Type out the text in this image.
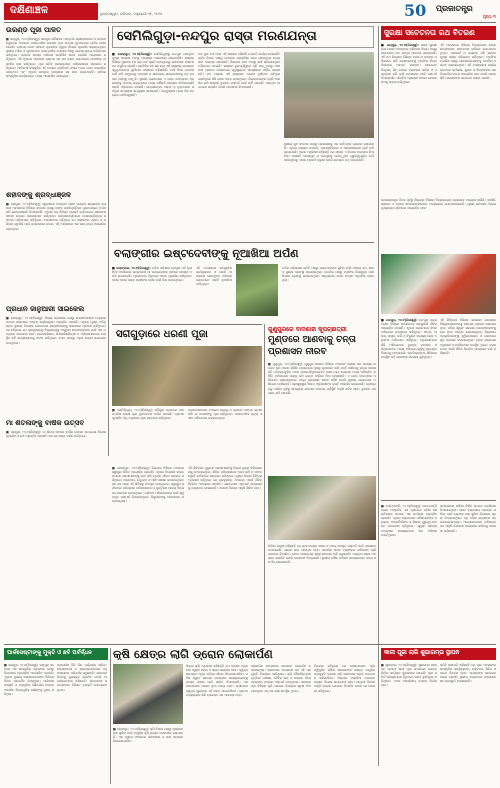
ଦକ୍ଷିଣାଞ୍ଚଳ	ଭୁବନେଶ୍ୱର, ରବିବାର, ଜାନୁୟାରୀ ୨୫, ୨୦୨୫	50	ପ୍ରଜାତନ୍ତ୍ର
ପୃଷ୍ଠା ୩
ଉରଣ୍ଡ ପୂଜା ପାଳିତ
■ ଜୟପୁର, ୨୪।୧(ନିଜସ୍ୱ): ଜୟପୁର ପୌରାଞ୍ଚଳ ଅନ୍ତର୍ଗତ ଶ୍ରୀରାମନଗର ଓ ଗୋପବନ୍ଧୁନଗର ଅଞ୍ଚଳରେ ପାରମ୍ପରିକ ଉରଣ୍ଡ ପୂଜା ଉତ୍ସବ ଧୁମଧାମରେ ପାଳିତ ହୋଇଯାଇଛି। ଗ୍ରାମର ଦେବୀ ପୀଠରେ ପୂଜକଙ୍କ ଦ୍ୱାରା ବିଶେଷ ପୂଜାର୍ଚ୍ଚନା କରାଯାଇଥିଲା। ସ୍ଥାନୀୟ ମହିଳା ଓ ଯୁବକମାନେ ପାରମ୍ପରିକ ପୋଷାକ ପିନ୍ଧି ଢେମସା ନୃତ୍ୟ ପରିବେଷଣ କରିଥିଲେ। ଗ୍ରାମର ସମସ୍ତ ପରିବାର ସମ୍ମିଳିତ ଭାବେ ଭୋଜିର ଆୟୋଜନ କରିଥିଲେ। ଏହି ପୂଜାରେ ଆଖପାଖ ଗ୍ରାମର ଶହ ଶହ ଭକ୍ତ ଯୋଗଦେଇ ଦେବୀଙ୍କ ଆଶୀର୍ବାଦ ଲାଭ କରିଥିଲେ। ପୂଜା କମିଟି ସଦସ୍ୟମାନେ ପରିଚାଳନାରେ ସହଯୋଗ କରିଥିଲେ। ଆଦିବାସୀ ସଂସ୍କୃତିର ଏହି ଉତ୍ସବ ପ୍ରତିବର୍ଷ ଫସଲ ଅମଳ ପରେ ଆୟୋଜିତ ହୋଇଥାଏ ଏବଂ ଏଥିରେ ସମସ୍ତେ ଉତ୍ସାହର ସହ ଭାଗ ନେଇଥାନ୍ତି। ରାତିରେ ସାଂସ୍କୃତିକ କାର୍ଯ୍ୟକ୍ରମ ମଧ୍ୟ ଆୟୋଜିତ ହୋଇଥିଲା।
ଶହୀଦଙ୍କୁ ଶ୍ରଦ୍ଧାଞ୍ଜଳି
■ ଜୟପୁର, ୨୪।୧(ନିଜସ୍ୱ): ସ୍ୱାଧୀନତା ସଂଗ୍ରାମୀ ଶହୀଦ ଲକ୍ଷ୍ମଣ ନାୟକଙ୍କ ଜୟନ୍ତୀ ଅବସରରେ ବିଭିନ୍ନ ସଂଗଠନ ପକ୍ଷରୁ ତାଙ୍କ ପ୍ରତିମୂର୍ତ୍ତିରେ ପୁଷ୍ପମାଲ୍ୟ ଅର୍ପଣ କରି ଶ୍ରଦ୍ଧାଞ୍ଜଳି ଦିଆଯାଇଛି। ଏଥିରେ ବହୁ ବିଶିଷ୍ଟ ବ୍ୟକ୍ତି ଯୋଗଦେଇ ଶହୀଦଙ୍କ ଜୀବନୀ ଉପରେ ଆଲୋକପାତ କରିଥିଲେ। ଛାତ୍ରଛାତ୍ରୀମାନେ ଦେଶଭକ୍ତିମୂଳକ ସଙ୍ଗୀତ ପରିବେଷଣ କରିଥିଲେ। ବକ୍ତାମାନେ କହିଥିଲେ ଯେ ଶହୀଦଙ୍କ ତ୍ୟାଗ ଓ ବଳିଦାନ ଯୁବପିଢ଼ି ପାଇଁ ପ୍ରେରଣାର ଉତ୍ସ। ଏହି ଅବସରରେ ଏକ ସଭା ମଧ୍ୟ ଆୟୋଜିତ ହୋଇଥିଲା।
ପ୍ରଧାନ ଜାନୁଆରୀ ସାଇକେଲ
■ କୋରାପୁଟ, ୨୪।୧(ନିଜସ୍ୱ): ଜିଲ୍ଲା ପ୍ରଶାସନ ପକ୍ଷରୁ ଛାତ୍ରୀମାନଙ୍କ ମଧ୍ୟରେ ମାଗଣା ସାଇକେଲ ବଣ୍ଟନ କାର୍ଯ୍ୟକ୍ରମ ଅନୁଷ୍ଠିତ ହୋଇଛି। ଏଥିରେ ମୁଖ୍ୟ ଅତିଥି ଭାବେ ସ୍ଥାନୀୟ ବିଧାୟକ ଯୋଗଦେଇ ଛାତ୍ରୀମାନଙ୍କୁ ସାଇକେଲ ପ୍ରଦାନ କରିଥିଲେ। ସେ କହିଥିଲେ ଯେ ଦୂରଦୂରାନ୍ତରୁ ବିଦ୍ୟାଳୟକୁ ଆସୁଥିବା ଛାତ୍ରୀମାନଙ୍କ ପାଇଁ ଏହା ଅତ୍ୟନ୍ତ ଉପକାରୀ ହେବ। ପ୍ରଧାନଶିକ୍ଷକ, ଶିକ୍ଷକଶିକ୍ଷୟିତ୍ରୀ ଓ ଅଭିଭାବକମାନେ ଉପସ୍ଥିତ ରହି କାର୍ଯ୍ୟକ୍ରମକୁ ସଫଳ କରିଥିଲେ। ମୋଟ ଶହେରୁ ଅଧିକ ଛାତ୍ରୀ ସାଇକେଲ ପାଇଥିଲେ।
ମା ଶିତଳାଙ୍କୁ ବାର୍ଷିକ ଉତ୍ସବ
■ ଜୟପୁର, ୨୪।୧(ନିଜସ୍ୱ): ମା ଶିତଳା ପୀଠରେ ବାର୍ଷିକ ଉତ୍ସବ ଉପଲକ୍ଷେ ବିଶେଷ ପୂଜାର୍ଚ୍ଚନା ଓ ଯଜ୍ଞ ଅନୁଷ୍ଠିତ ହୋଇଛି। ଶହ ଶହ ଭକ୍ତ ଦର୍ଶନ କରିଥିଲେ।
ସେମିଲିଗୁଡ଼ା-ନନ୍ଦପୁର ରାସ୍ତା ମରଣଯନ୍ତା
■ କୋରାପୁଟ, ୨୪।୧(ନିଜସ୍ୱ): ସେମିଲିଗୁଡ଼ାରୁ ନନ୍ଦପୁର ଯାଇଥିବା ମୁଖ୍ୟ ରାସ୍ତାର ଅବସ୍ଥା ଅତ୍ୟନ୍ତ ଶୋଚନୀୟ ହୋଇପଡ଼ିଛି। ରାସ୍ତାର ବିଭିନ୍ନ ସ୍ଥାନରେ ବଡ଼ ବଡ଼ ଗାତ ସୃଷ୍ଟି ହୋଇଥିବାରୁ ଯାନବାହନ ଚଳାଚଳରେ ଅସୁବିଧା ହେଉଛି। ପ୍ରତିଦିନ ଶହ ଶହ ଯାନ ଏହି ରାସ୍ତାରେ ଯାତାୟାତ କରୁଥିବାବେଳେ ଦୁର୍ଘଟଣା ଆଶଙ୍କା ବଢ଼ିଚାଲିଛି। ବର୍ଷା ଦିନେ ଗାତରେ ପାଣି ଜମି ରହୁଥିବାରୁ ପଦଚାରୀ ଓ ସାଇକେଲ ଚାଳକମାନଙ୍କୁ ବହୁ ହଇରାଣ ହେବାକୁ ପଡ଼ୁଛି। ସ୍ଥାନୀୟ ଲୋକମାନେ ଏ ନେଇ ବାରମ୍ବାର ପ୍ରଶାସନକୁ ଅବଗତ କରାଇଥିଲେ ମଧ୍ୟ କୌଣସି ପଦକ୍ଷେପ ନିଆଯାଇନାହିଁ ବୋଲି ଅଭିଯୋଗ ହୋଇଛି। ଛାତ୍ରଛାତ୍ରୀ, ରୋଗୀ ଓ ବୃଦ୍ଧମାନେ ସର୍ବାଧିକ ସମସ୍ୟାର ସମ୍ମୁଖୀନ ହେଉଛନ୍ତି। ଆମ୍ବୁଲାନ୍ସ ମଧ୍ୟ ଠିକ୍ ସମୟରେ ପହଞ୍ଚିପାରୁନାହିଁ।
ଗତ ଦୁଇ ବର୍ଷ ହେଲା ଏହି ରାସ୍ତାର କୌଣସି ମରାମତି କାର୍ଯ୍ୟ ହୋଇନାହିଁ। ପୂର୍ତ୍ତ ବିଭାଗ ପକ୍ଷରୁ ଟେଣ୍ଡର ପ୍ରକ୍ରିୟା ଶେଷ ହୋଇଥିଲେ ମଧ୍ୟ କାମ ଆରମ୍ଭ ହୋଇନାହିଁ। ଠିକାଦାର କାମ ଅଧାରୁ ଛାଡ଼ି ଚାଲିଯାଇଥିବା ଅଭିଯୋଗ ହୋଇଛି। ରାସ୍ତାର ଦୁଇପାର୍ଶ୍ୱରେ ଧୂଳି ଉଡ଼ୁଥିବାରୁ ଆଖପାଖ ଗ୍ରାମର ଲୋକମାନେ ସ୍ୱାସ୍ଥ୍ୟଗତ ସମସ୍ୟାରେ ପୀଡ଼ିତ ହେଉଛନ୍ତି। ଗତ ମାସରେ ଏହି ରାସ୍ତାରେ ଅନେକ ଦୁର୍ଘଟଣା ଘଟିଥିଲା ଯେଉଁଥିରେ କିଛି ଲୋକ ଆହତ ହୋଇଥିଲେ। ଜିଲ୍ଲାପାଳଙ୍କ ଦୃଷ୍ଟି ଆକର୍ଷଣ କରି ରାସ୍ତାର ତୁରନ୍ତ ମରାମତି ପାଇଁ ଦାବି ହୋଇଛି। ଅନ୍ୟଥା ଆନ୍ଦୋଳନ କରାଯିବ ବୋଲି ଚେତାବନୀ ଦିଆଯାଇଛି।
ସ୍ଥାନୀୟ ଯୁବ ସଂଗଠନ ପକ୍ଷରୁ ପ୍ରଶାସନକୁ ଏକ ଦାବିପତ୍ର ପ୍ରଦାନ କରାଯାଇଛି। ଏଥିରେ ରାସ୍ତାର ମରାମତି, ପ୍ରଶସ୍ତିକରଣ ଓ ଆଲୋକୀକରଣ ପାଇଁ ଦାବି କରାଯାଇଛି। ବ୍ଲକ ଅଧିକାରୀ କହିଛନ୍ତି ଯେ ଶୀଘ୍ର ଏ ଦିଗରେ ପଦକ୍ଷେପ ନିଆଯିବ। ରାସ୍ତାଟି କୋରାପୁଟ ଓ ନନ୍ଦପୁରକୁ ଯୋଡ଼ୁଥିବା ଗୁରୁତ୍ୱପୂର୍ଣ୍ଣ ମାର୍ଗ ହୋଇଥିବାରୁ ଏହାର ମରାମତି ଜରୁରୀ ବୋଲି ସମସ୍ତେ ମତ ଦେଇଛନ୍ତି।
ସୁରକ୍ଷା ସଚେତନତା ରଥ ବିତରଣ
■ ଜୟପୁର, ୨୪।୧(ନିଜସ୍ୱ): ସଡ଼କ ସୁରକ୍ଷା ମାସ ପାଳନ ଅବସରରେ ପରିବହନ ବିଭାଗ ପକ୍ଷରୁ ସଚେତନତା ରଥ ଯାତ୍ରା ଆରମ୍ଭ କରାଯାଇଛି। ଏହି ରଥ ଜିଲ୍ଲାର ବିଭିନ୍ନ ବ୍ଲକ ଓ ପଞ୍ଚାୟତ ପରିକ୍ରମା କରି ଲୋକମାନଙ୍କୁ ଟ୍ରାଫିକ ନିୟମ ବିଷୟରେ ଅବଗତ କରାଇବ। ହେଲମେଟ ପିନ୍ଧିବା, ସିଟ୍ ବେଲ୍ଟ ବ୍ୟବହାର କରିବା ଓ ମଦ୍ୟପାନ କରି ଗାଡ଼ି ନଚଳାଇବା ପାଇଁ ପରାମର୍ଶ ଦିଆଯାଉଛି। ଆରଟିଓ ଅଧିକାରୀ ପତାକା ଦେଖାଇ ରଥକୁ ରବାନା କରିଥିଲେ।
ଏହି ଅବସରରେ ବିଭିନ୍ନ ବିଦ୍ୟାଳୟର ଛାତ୍ରଛାତ୍ରୀମାନେ ସଚେତନତା ରାଲିରେ ଯୋଗଦେଇଥିଲେ। ପ୍ଲାକାର୍ଡ ଓ ବ୍ୟାନର ଧରି ସହରର ମୁଖ୍ୟ ରାସ୍ତା ପରିକ୍ରମା କରିଥିଲେ। ଟ୍ରାଫିକ ପୋଲିସ ପକ୍ଷରୁ ଯାନଚାଳକମାନଙ୍କୁ ପତ୍ରିକା ବଣ୍ଟନ କରାଯାଇଥିଲା। ଏହି ମାସବ୍ୟାପୀ କାର୍ଯ୍ୟକ୍ରମରେ କର୍ମଶାଳା, କୁଇଜ ଓ ଚିତ୍ରାଙ୍କନ ପ୍ରତିଯୋଗିତା ମଧ୍ୟ ଆୟୋଜିତ ହେବ ବୋଲି ଜଣାପଡ଼ିଛି। ସମସ୍ତଙ୍କ ସହଯୋଗ ଲୋଡ଼ା ଯାଇଛି।
ବଲାଙ୍ଗୀର ଇଷ୍ଟଦେବୀଙ୍କୁ ନୂଆଖିଆ ଅର୍ପଣ
■ ବଲାଙ୍ଗୀର, ୨୪।୧(ନିଜସ୍ୱ): ପଶ୍ଚିମ ଓଡ଼ିଶାର ପ୍ରମୁଖ ପର୍ବ ନୂଆଖିଆ ଅବସରରେ ଇଷ୍ଟଦେବୀ ମା ସମଲେଇଙ୍କ ପୀଠରେ ନବାନ୍ନ ଅର୍ପଣ କରାଯାଇଛି। ପୂଜକମାନେ ବିଧିବଦ୍ଧ ଭାବେ ପୂଜାର୍ଚ୍ଚନା କରିଥିଲେ। ହଜାର ହଜାର ଭକ୍ତ ଦେବୀଙ୍କ ଦର୍ଶନ ପାଇଁ ଭିଡ଼ ଜମାଇଥିଲେ।
ଏହି ଅବସରରେ ସାଂସ୍କୃତିକ କାର୍ଯ୍ୟକ୍ରମ ଓ ଭୋଜି ଆୟୋଜନ ହୋଇଥିଲା। ପରିବାର ଲୋକମାନେ ଏକାଠି ନୂଆଖିଆ ପାଳିଥିଲେ।
ମନ୍ଦିର ପରିଚାଳନା କମିଟି ପକ୍ଷରୁ ଭକ୍ତମାନଙ୍କ ସୁବିଧା ପାଇଁ ପାନୀୟ ଜଳ, ଛାଇ ଓ ସୁରକ୍ଷା ବ୍ୟବସ୍ଥା କରାଯାଇଥିଲା। ପୋଲିସ ପକ୍ଷରୁ ଟ୍ରାଫିକ ନିୟନ୍ତ୍ରଣ ପାଇଁ ବିଶେଷ ବ୍ୟବସ୍ଥା କରାଯାଇଥିଲା। ସନ୍ଧ୍ୟାରେ ଭଜନ ସଂଧ୍ୟା ଅନୁଷ୍ଠିତ ହୋଇଥିଲା।
ସର୍ଗିଗୁଡ଼ାରେ ଧରଣୀ ପୂଜା
■ ଶେମିଲିଗୁଡ଼ା, ୨୪।୧(ନିଜସ୍ୱ): ସର୍ଗିଗୁଡ଼ା ଗ୍ରାମରେ ପାରମ୍ପରିକ ଧରଣୀ ପୂଜା ଧୁମଧାମରେ ପାଳିତ ହୋଇଛି। ଗ୍ରାମର ପୁରୋହିତ ବିଧି ଅନୁସାରେ ପୂଜା ସମ୍ପନ୍ନ କରିଥିଲେ।
ଗ୍ରାମବାସୀମାନେ ଫସଲର ସମୃଦ୍ଧି ଓ ଗ୍ରାମର ମଙ୍ଗଳ କାମନା କରି ମା ଧରଣୀଙ୍କୁ ପୂଜା କରିଥିଲେ। ପାରମ୍ପରିକ ନୃତ୍ୟ ଓ ଗୀତ ପରିବେଷଣ କରାଯାଇଥିଲା।
■ କୋରାପୁଟ, ୨୪।୧(ନିଜସ୍ୱ): ଜିଲ୍ଲାର ବିଭିନ୍ନ ଅଞ୍ଚଳରେ ସ୍ୱାସ୍ଥ୍ୟ ଶିବିର ଆୟୋଜିତ ହୋଇଛି। ଏଥିରେ ବିଶେଷଜ୍ଞ ଡାକ୍ତରମାନେ ରୋଗୀମାନଙ୍କୁ ଯାଞ୍ଚ କରି ମାଗଣା ଔଷଧ ପ୍ରଦାନ କରିଥିଲେ। ରକ୍ତଚାପ, ମଧୁମେହ ଓ ଆଖି ପରୀକ୍ଷା କରାଯାଇଥିଲା। ଶହ ଶହ ଲୋକ ଏହି ଶିବିରରୁ ଉପକୃତ ହୋଇଥିଲେ। ସ୍ୱାସ୍ଥ୍ୟ କର୍ମୀମାନେ ପରିଷ୍କାର ପରିଚ୍ଛନ୍ନତା ଓ ପୁଷ୍ଟିକର ଖାଦ୍ୟ ବିଷୟରେ ସଚେତନ କରାଇଥିଲେ। ଗର୍ଭବତୀ ମହିଳାମାନଙ୍କ ପାଇଁ ସ୍ୱତନ୍ତ୍ର ପରାମର୍ଶ ଦିଆଯାଇଥିଲା। ଶିଶୁମାନଙ୍କୁ ଟୀକାକରଣ କରାଯାଇଥିଲା।
ଏହି ଶିବିରରେ ଗୁରୁତର ରୋଗୀମାନଙ୍କୁ ଜିଲ୍ଲା ମୁଖ୍ୟ ଚିକିତ୍ସାଳୟକୁ ପଠାଯାଇଥିଲା। ଶିବିର ପରିଚାଳନାରେ ଆଶା କର୍ମୀ ଓ ଅଙ୍ଗନୱାଡ଼ି କର୍ମୀମାନେ ସହଯୋଗ କରିଥିଲେ। ମୁଖ୍ୟ ଜିଲ୍ଲା ଚିକିତ୍ସା ଅଧିକାରୀ କହିଥିଲେ ଯେ ଦୂରଦୂରାନ୍ତ ଅଞ୍ଚଳରେ ଏଭଳି ଶିବିର ନିୟମିତ ଆୟୋଜନ କରାଯିବ। ଲୋକମାନେ ଏଥିପାଇଁ ପ୍ରଶାସନକୁ ଧନ୍ୟବାଦ ଦେଇଛନ୍ତି। ଆଗାମୀ ଦିନରେ ଆହୁରି ଶିବିର ହେବ।
ଗୁଣୁପୁରରେ ବାଦଶାହୀ କୂପଚ୍ଛାତ୍ରୀ
ମୁଣ୍ଡରେ ଆଣିବାକୁ ଚିନ୍ତା
ପ୍ରଶାସନ ନୀରବ
■ ଗୁଣୁପୁର, ୨୪।୧(ନିଜସ୍ୱ): ଗୁଣୁପୁର ସହରର ବିଭିନ୍ନ ଅଞ୍ଚଳରେ ପାନୀୟ ଜଳ ସମସ୍ୟା ଉତ୍କଟ ରୂପ ଧାରଣ କରିଛି। ଲୋକମାନେ ଦୂରରୁ ମୁଣ୍ଡରେ ପାଣି ବୋହି ଆଣିବାକୁ ବାଧ୍ୟ ହେଉଛନ୍ତି। ନଳକୂପଗୁଡ଼ିକ ଅଚଳ ହୋଇପଡ଼ିଥିବାବେଳେ ପାଇପ ଜଳ ଯୋଗାଣ ମଧ୍ୟ ଅନିୟମିତ ରହିଛି। ମହିଳାମାନେ ସକାଳୁ ଉଠି ଲମ୍ବା ଧାଡ଼ିରେ ଠିଆ ହେଉଛନ୍ତି। ଏ ନେଇ ବାରମ୍ବାର ଅଭିଯୋଗ କରାଯାଇଥିଲେ ମଧ୍ୟ ପ୍ରଶାସନ ନୀରବ ରହିଛି ବୋଲି ସ୍ଥାନୀୟ ଲୋକମାନେ ଅଭିଯୋଗ କରିଛନ୍ତି। ଜନସ୍ୱାସ୍ଥ୍ୟ ବିଭାଗ ଅଧିକାରୀଙ୍କ ଦୃଷ୍ଟି ଆକର୍ଷଣ କରାଯାଇଛି। ଗ୍ରୀଷ୍ମ ଋତୁ ଆସିବା ପୂର୍ବରୁ ସମସ୍ୟାର ସମାଧାନ ନହେଲେ ପରିସ୍ଥିତି ଆହୁରି ଜଟିଳ ହେବ। ତୁରନ୍ତ ପଦକ୍ଷେପ ଦାବି ହୋଇଛି।
ନିର୍ବାହୀ ଯନ୍ତ୍ରୀ କହିଛନ୍ତି ଯେ ନୂଆ ନଳକୂପ ଖନନ ଓ ଅଚଳ ନଳକୂପ ମରାମତି ପାଇଁ ପ୍ରସ୍ତାବ ପଠାଯାଇଛି। ଶୀଘ୍ର କାମ ଆରମ୍ଭ ହେବ। ସାମୟିକ ଭାବେ ଟ୍ୟାଙ୍କର ଜରିଆରେ ପାଣି ଯୋଗାଇ ଦିଆଯିବ। ତେବେ ଲୋକମାନେ ସ୍ଥାୟୀ ସମାଧାନ ଦାବି କରୁଛନ୍ତି। ଅନ୍ୟଥା ସଡ଼କ ଅବରୋଧ କରାଯିବ ବୋଲି ଚେତାବନୀ ଦିଆଯାଇଛି। ସ୍ଥାନୀୟ ପୌର ପରିଷଦ ସଦସ୍ୟମାନେ ମଧ୍ୟ ସମର୍ଥନ ଜଣାଇଛନ୍ତି।
ସାଧାରଣତନ୍ତ୍ର ଦିବସ ପୂର୍ବରୁ ଜିଲ୍ଲାର ବିଭିନ୍ନ ବିଦ୍ୟାଳୟରେ ପ୍ୟାରେଡ଼ ଅଭ୍ୟାସ ଚାଲିଛି। ଏନସିସି, ସ୍କାଉଟ ଓ ଗାଇଡ଼ ଛାତ୍ରଛାତ୍ରୀମାନେ ଅଭ୍ୟାସରେ ଯୋଗଦେଉଛନ୍ତି। ମୁଖ୍ୟ ସମାରୋହ ଜିଲ୍ଲା ମୁଖ୍ୟାଳୟ ପଡ଼ିଆରେ ଆୟୋଜିତ ହେବ।
■ ନନ୍ଦପୁର, ୨୪।୧(ନିଜସ୍ୱ): ନନ୍ଦପୁର ବ୍ଲକ ଅଧୀନ ବିଭିନ୍ନ ପଞ୍ଚାୟତରେ ଜନଶୁଣାଣି ଶିବିର ଆୟୋଜିତ ହୋଇଛି। ଏଥିରେ ଲୋକମାନେ ନିଜର ଅଭିଯୋଗ ଉପସ୍ଥାପନ କରିଥିଲେ। ଭତ୍ତା, ଆବାସ, ରାସ୍ତା, ପାଣି ଓ ବିଦ୍ୟୁତ ସମସ୍ୟା ନେଇ ଅଧିକାଂଶ ଅଭିଯୋଗ ଆସିଥିଲା। ଅଧିକାରୀମାନେ କିଛି ଅଭିଯୋଗର ତୁରନ୍ତ ସମାଧାନ କରିଥିବାବେଳେ ଅନ୍ୟ ଅଭିଯୋଗଗୁଡ଼ିକୁ ସମ୍ପୃକ୍ତ ବିଭାଗକୁ ପଠାଯାଇଛି। ଉପଜିଲ୍ଲାପାଳ ଶିବିରରେ ଉପସ୍ଥିତ ରହି ଲୋକଙ୍କ ସମସ୍ୟା ଶୁଣିଥିଲେ।
ଏହି ଶିବିରରେ ବିଭିନ୍ନ ସରକାରୀ ଯୋଜନାର ହିତାଧିକାରୀମାନଙ୍କୁ ସହାୟତା ପ୍ରଦାନ କରାଯାଇଥିଲା। ମହିଳା ସ୍ୱୟଂ ସହାୟକ ଗୋଷ୍ଠୀମାନଙ୍କୁ ଋଣ ଚେକ ବଣ୍ଟନ କରାଯାଇଥିଲା। ଭିନ୍ନକ୍ଷମ ବ୍ୟକ୍ତିମାନଙ୍କୁ ହ୍ୱିଲଚେୟାର ଓ ଶ୍ରବଣଯନ୍ତ୍ର ପ୍ରଦାନ କରାଯାଇଥିଲା। ବ୍ଲକ ଉନ୍ନୟନ ଅଧିକାରୀ ଓ ତହସିଲଦାର ଉପସ୍ଥିତ ଥିଲେ। ଲୋକମାନେ ଏଭଳି ଶିବିର ନିୟମିତ ଆୟୋଜନ ଦାବି କରିଛନ୍ତି।
■ ପୋଟ୍ଟାଙ୍ଗି, ୨୪।୧(ନିଜସ୍ୱ): ପୋଟ୍ଟାଙ୍ଗି ବ୍ଲକ ଅନ୍ତର୍ଗତ ଏକ ଗ୍ରାମରେ ମହିଳା ସଶକ୍ତିକରଣ ଉପରେ ଏକ କର୍ମଶାଳା ଅନୁଷ୍ଠିତ ହୋଇଛି। ଏଥିରେ ବକ୍ତାମାନେ ମହିଳାମାନଙ୍କ ଅଧିକାର, ଆତ୍ମନିର୍ଭରତା ଓ ଶିକ୍ଷାର ଗୁରୁତ୍ୱ ଉପରେ ଆଲୋଚନା କରିଥିଲେ। ସ୍ୱୟଂ ସହାୟକ ଗୋଷ୍ଠୀର ସଦସ୍ୟାମାନେ ନିଜ ଅଭିଜ୍ଞତା ବାଣ୍ଟିଥିଲେ।
କର୍ମଶାଳାରେ ଜୀବିକା ନିର୍ବାହ ଉପରେ ପ୍ରଶିକ୍ଷଣ ଦିଆଯାଇଥିଲା। ଛୋଟ ବ୍ୟବସାୟ ଆରମ୍ଭ କରିବା ପାଇଁ ବ୍ୟାଙ୍କ ଋଣ ସୁବିଧା ବିଷୟରେ ସୂଚନା ଦିଆଯାଇଥିଲା। ବହୁ ମହିଳା ଉତ୍ସାହର ସହ ଯୋଗଦେଇଥିଲେ। ଆୟୋଜକମାନେ ଭବିଷ୍ୟତରେ ଆହୁରି କର୍ମଶାଳା ଆୟୋଜନ କରିବାକୁ ଘୋଷଣା କରିଛନ୍ତି।
ପାର୍କସେଷ୍ଟାଙ୍କୁ ମୁକ୍ତି ଓ ଛବି ପର୍ବର୍ଦ୍ଧନ
■ ଜୟପୁର, ୨୪।୧(ନିଜସ୍ୱ): ଜୟପୁର ସହରରେ ଏକ ସାଂସ୍କୃତିକ ଅନୁଷ୍ଠାନ ପକ୍ଷରୁ ଚିତ୍ରକଳା ପ୍ରଦର୍ଶନୀ ଆୟୋଜିତ ହୋଇଛି। ଏଥିରେ ସ୍ଥାନୀୟ କଳାକାରମାନଙ୍କ ବିଭିନ୍ନ ଚିତ୍ର ପ୍ରଦର୍ଶିତ ହୋଇଥିଲା। ଆଦିବାସୀ ସଂସ୍କୃତି ଓ ପ୍ରାକୃତିକ ସୌନ୍ଦର୍ଯ୍ୟ ଉପରେ ଆଧାରିତ ଚିତ୍ରଗୁଡ଼ିକ ଦର୍ଶକଙ୍କୁ ମୁଗ୍ଧ କରିଥିଲା।
ପ୍ରଦର୍ଶନୀ ତିନି ଦିନ ପର୍ଯ୍ୟନ୍ତ ଚାଲିବ। ଛାତ୍ରଛାତ୍ରୀ ଓ କଳାପ୍ରେମୀମାନେ ବହୁ ସଂଖ୍ୟାରେ ପରିଦର୍ଶନ କରୁଛନ୍ତି। ଶ୍ରେଷ୍ଠ ଚିତ୍ରକୁ ପୁରସ୍କୃତ କରାଯିବ ବୋଲି ଆୟୋଜକମାନେ କହିଛନ୍ତି। ଉଦ୍‌ଘାଟନୀ ସମାରୋହରେ ବିଶିଷ୍ଟ ବ୍ୟକ୍ତି ଯୋଗଦେଇଥିଲେ।
କୃଷି କ୍ଷେତ୍ର ଲାଗି ଡ୍ରୋନ ଲୋକାର୍ପଣ
■ କୋରାପୁଟ, ୨୪।୧(ନିଜସ୍ୱ): କୃଷି ବିଭାଗ ପକ୍ଷରୁ ଚାଷୀମାନଙ୍କ ସୁବିଧା ପାଇଁ ଆଧୁନିକ କୃଷି ଡ୍ରୋନ ଲୋକାର୍ପଣ କରାଯାଇଛି। ଏହା ଦ୍ୱାରା ଫସଲରେ କୀଟନାଶକ ଓ ସାର ସହଜରେ ଛିଞ୍ଚାଯାଇପାରିବ।
ଜିଲ୍ଲା କୃଷି ଅଧିକାରୀ କହିଛନ୍ତି ଯେ ଡ୍ରୋନ ବ୍ୟବହାର ଦ୍ୱାରା ସମୟ ଓ ଶ୍ରମ ସାଶ୍ରୟ ହେବ। ସ୍ୱଳ୍ପ ସମୟରେ ଅଧିକ ଜମିରେ ଔଷଧ ଛିଞ୍ଚାଯାଇପାରିବ। ମହିଳା ସ୍ୱୟଂ ସହାୟକ ଗୋଷ୍ଠୀର ସଦସ୍ୟାମାନଙ୍କୁ ଡ୍ରୋନ ଚାଳନା ପାଇଁ ତାଲିମ ଦିଆଯାଇଛି। ଏହା ସେମାନଙ୍କ ଆୟର ନୂଆ ଉତ୍ସ ହେବ। ଚାଷୀମାନେ ସ୍ୱଳ୍ପ ଶୁଳ୍କରେ ଏହି ସେବା ପାଇପାରିବେ। ପ୍ରଥମ ପର୍ଯ୍ୟାୟରେ କିଛି ବ୍ଲକରେ ଏହା ଆରମ୍ଭ ହେବ।
ଲୋକାର୍ପଣ ଉତ୍ସବରେ ଡ୍ରୋନର ପ୍ରଦର୍ଶନ କରାଯାଇଥିଲା। ଚାଷୀମାନେ ଆଗ୍ରହର ସହ ଏହି ପ୍ରଯୁକ୍ତି ବିଷୟରେ ଜାଣିଥିଲେ। କୃଷି ବୈଜ୍ଞାନିକମାନେ ମୃତ୍ତିକା ପରୀକ୍ଷା, ଜୈବିକ ଚାଷ ଓ ଉନ୍ନତ ବିହନ ବ୍ୟବହାର ଉପରେ ପରାମର୍ଶ ଦେଇଥିଲେ। ସରକାରଙ୍କ ବିଭିନ୍ନ କୃଷି ଯୋଜନା ବିଷୟରେ ସୂଚନା ଦିଆଯାଇଥିଲା। ଶହ ଶହ ଚାଷୀ ଉପସ୍ଥିତ ଥିଲେ।
ବିଧାୟକ କହିଥିଲେ ଯେ ଚାଷୀମାନଙ୍କ ଆୟ ଦ୍ୱିଗୁଣିତ କରିବା ସରକାରଙ୍କ ଲକ୍ଷ୍ୟ। ଆଧୁନିକ ପ୍ରଯୁକ୍ତି ଗ୍ରହଣ କରି ଚାଷୀମାନେ ଅଧିକ ଉତ୍ପାଦନ କରିପାରିବେ। ଜିଲ୍ଲାର ପାହାଡ଼ିଆ ଅଞ୍ଚଳରେ ଡ୍ରୋନ ବିଶେଷ ଉପଯୋଗୀ ହେବ। ଆଗାମୀ ଦିନରେ ଆହୁରି ଡ୍ରୋନ ଯୋଗାଇ ଦିଆଯିବ ବୋଲି ସେ ଘୋଷଣା କରିଥିଲେ।
କାଳୀ ପୂଜା ଲାଗି ଶୁଭାରମ୍ଭ ସ୍ଥାପନ
■ ସୁନାବେଡ଼ା, ୨୪।୧(ନିଜସ୍ୱ): ସୁନାବେଡ଼ା ସହରରେ ଆଗାମୀ କାଳୀ ପୂଜା ଉପଲକ୍ଷେ ମଣ୍ଡପ ନିର୍ମାଣ କାର୍ଯ୍ୟର ଶୁଭାରମ୍ଭ ହୋଇଛି। ପୂଜା କମିଟି ସଦସ୍ୟମାନେ ବିଧିବଦ୍ଧ ଭାବେ ଭୂମିପୂଜନ କରିଥିଲେ। ଏଥର ଆକର୍ଷଣୀୟ ମଣ୍ଡପ ନିର୍ମାଣ ହେବ।
କମିଟି ସଭାପତି କହିଛନ୍ତି ଯେ ପୂଜା ଅବସରରେ ସାଂସ୍କୃତିକ କାର୍ଯ୍ୟକ୍ରମ, ରକ୍ତଦାନ ଶିବିର ଓ ଭୋଗ ବିତରଣ ହେବ। ସମସ୍ତଙ୍କ ସହଯୋଗ ଲୋଡ଼ା ଯାଇଛି। ସ୍ଥାନୀୟ ଲୋକମାନେ ଉତ୍ସାହର ସହ ପ୍ରସ୍ତୁତି ଚଳାଇଛନ୍ତି।
